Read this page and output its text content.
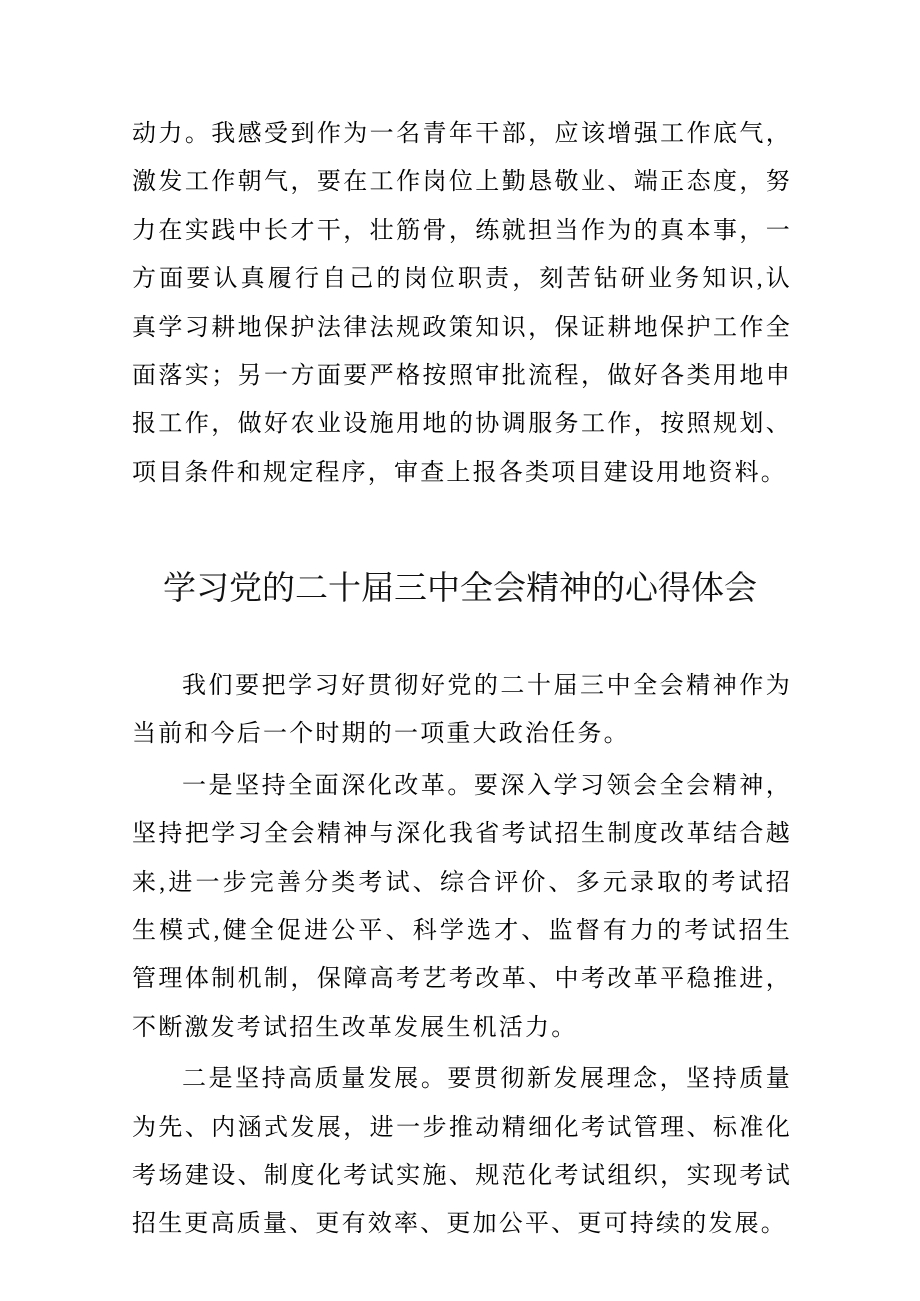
动力。我感受到作为一名青年干部，应该增强工作底气，激发工作朝气，要在工作岗位上勤恳敬业、端正态度，努力在实践中长才干，壮筋骨，练就担当作为的真本事，一方面要认真履行自己的岗位职责，刻苦钻研业务知识,认真学习耕地保护法律法规政策知识，保证耕地保护工作全面落实；另一方面要严格按照审批流程，做好各类用地申报工作，做好农业设施用地的协调服务工作，按照规划、项目条件和规定程序，审查上报各类项目建设用地资料。

学习党的二十届三中全会精神的心得体会

我们要把学习好贯彻好党的二十届三中全会精神作为当前和今后一个时期的一项重大政治任务。

一是坚持全面深化改革。要深入学习领会全会精神，坚持把学习全会精神与深化我省考试招生制度改革结合越来,进一步完善分类考试、综合评价、多元录取的考试招生模式,健全促进公平、科学选才、监督有力的考试招生管理体制机制，保障高考艺考改革、中考改革平稳推进，不断激发考试招生改革发展生机活力。

二是坚持高质量发展。要贯彻新发展理念，坚持质量为先、内涵式发展，进一步推动精细化考试管理、标准化考场建设、制度化考试实施、规范化考试组织，实现考试招生更高质量、更有效率、更加公平、更可持续的发展。
